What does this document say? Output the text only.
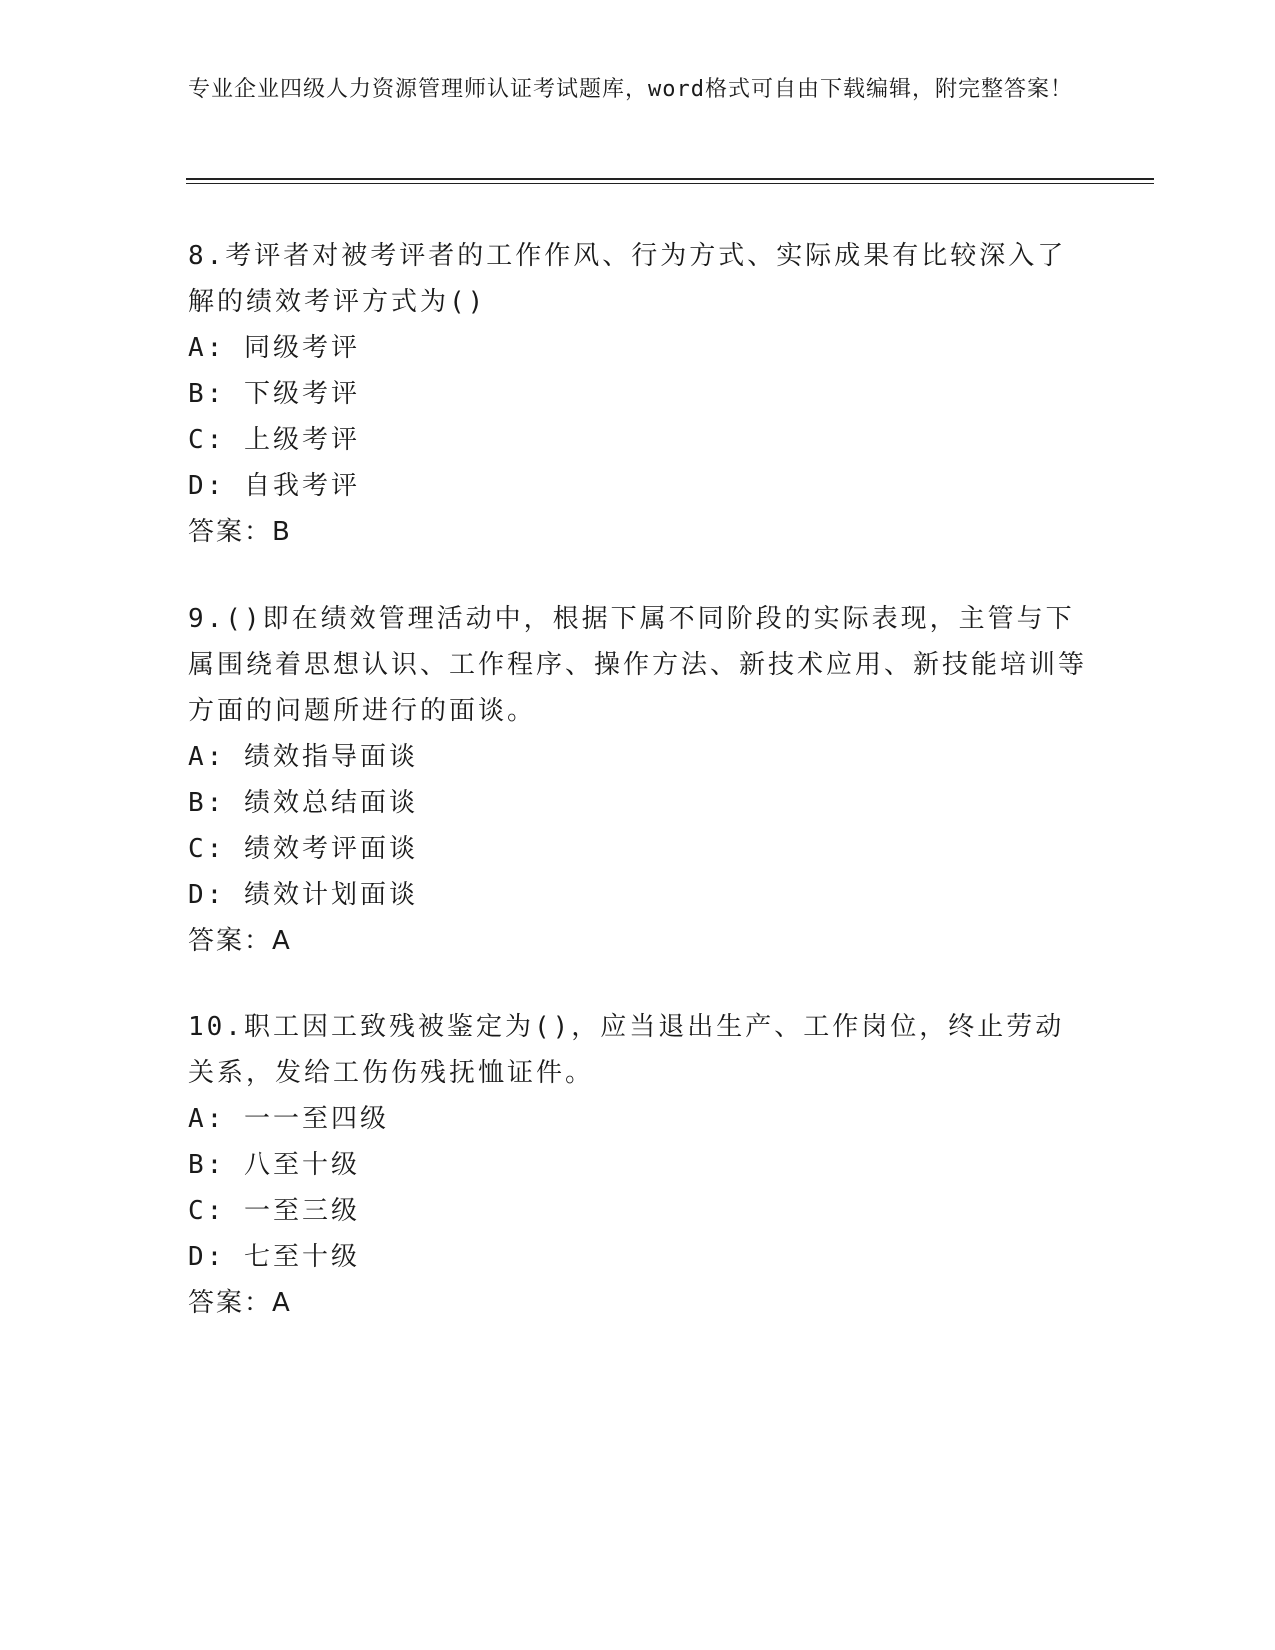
专业企业四级人力资源管理师认证考试题库，word格式可自由下载编辑，附完整答案！
8.考评者对被考评者的工作作风、行为方式、实际成果有比较深入了解的绩效考评方式为()
A: 同级考评
B: 下级考评
C: 上级考评
D: 自我考评
答案：B
9.()即在绩效管理活动中，根据下属不同阶段的实际表现，主管与下属围绕着思想认识、工作程序、操作方法、新技术应用、新技能培训等方面的问题所进行的面谈。
A: 绩效指导面谈
B: 绩效总结面谈
C: 绩效考评面谈
D: 绩效计划面谈
答案：A
10.职工因工致残被鉴定为()，应当退出生产、工作岗位，终止劳动关系，发给工伤伤残抚恤证件。
A: 一一至四级
B: 八至十级
C: 一至三级
D: 七至十级
答案：A
